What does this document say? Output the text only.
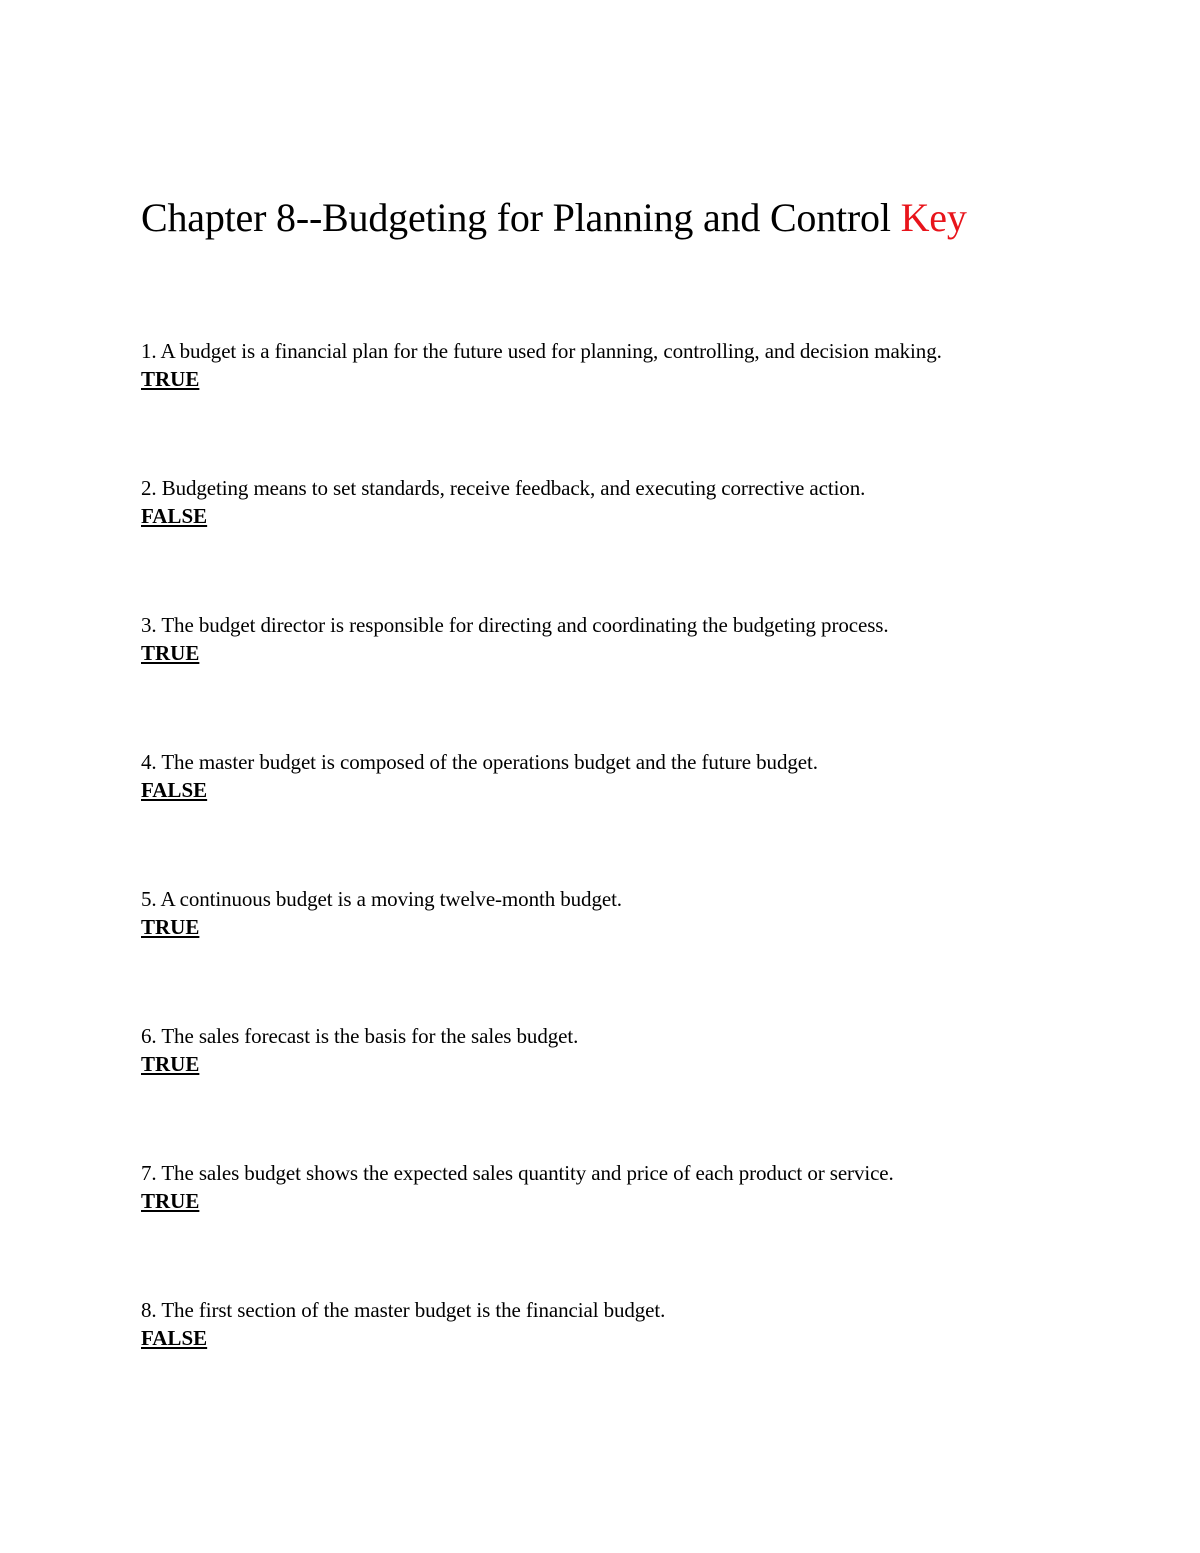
Chapter 8--Budgeting for Planning and Control Key
1. A budget is a financial plan for the future used for planning, controlling, and decision making.
TRUE
2. Budgeting means to set standards, receive feedback, and executing corrective action.
FALSE
3. The budget director is responsible for directing and coordinating the budgeting process.
TRUE
4. The master budget is composed of the operations budget and the future budget.
FALSE
5. A continuous budget is a moving twelve-month budget.
TRUE
6. The sales forecast is the basis for the sales budget.
TRUE
7. The sales budget shows the expected sales quantity and price of each product or service.
TRUE
8. The first section of the master budget is the financial budget.
FALSE
